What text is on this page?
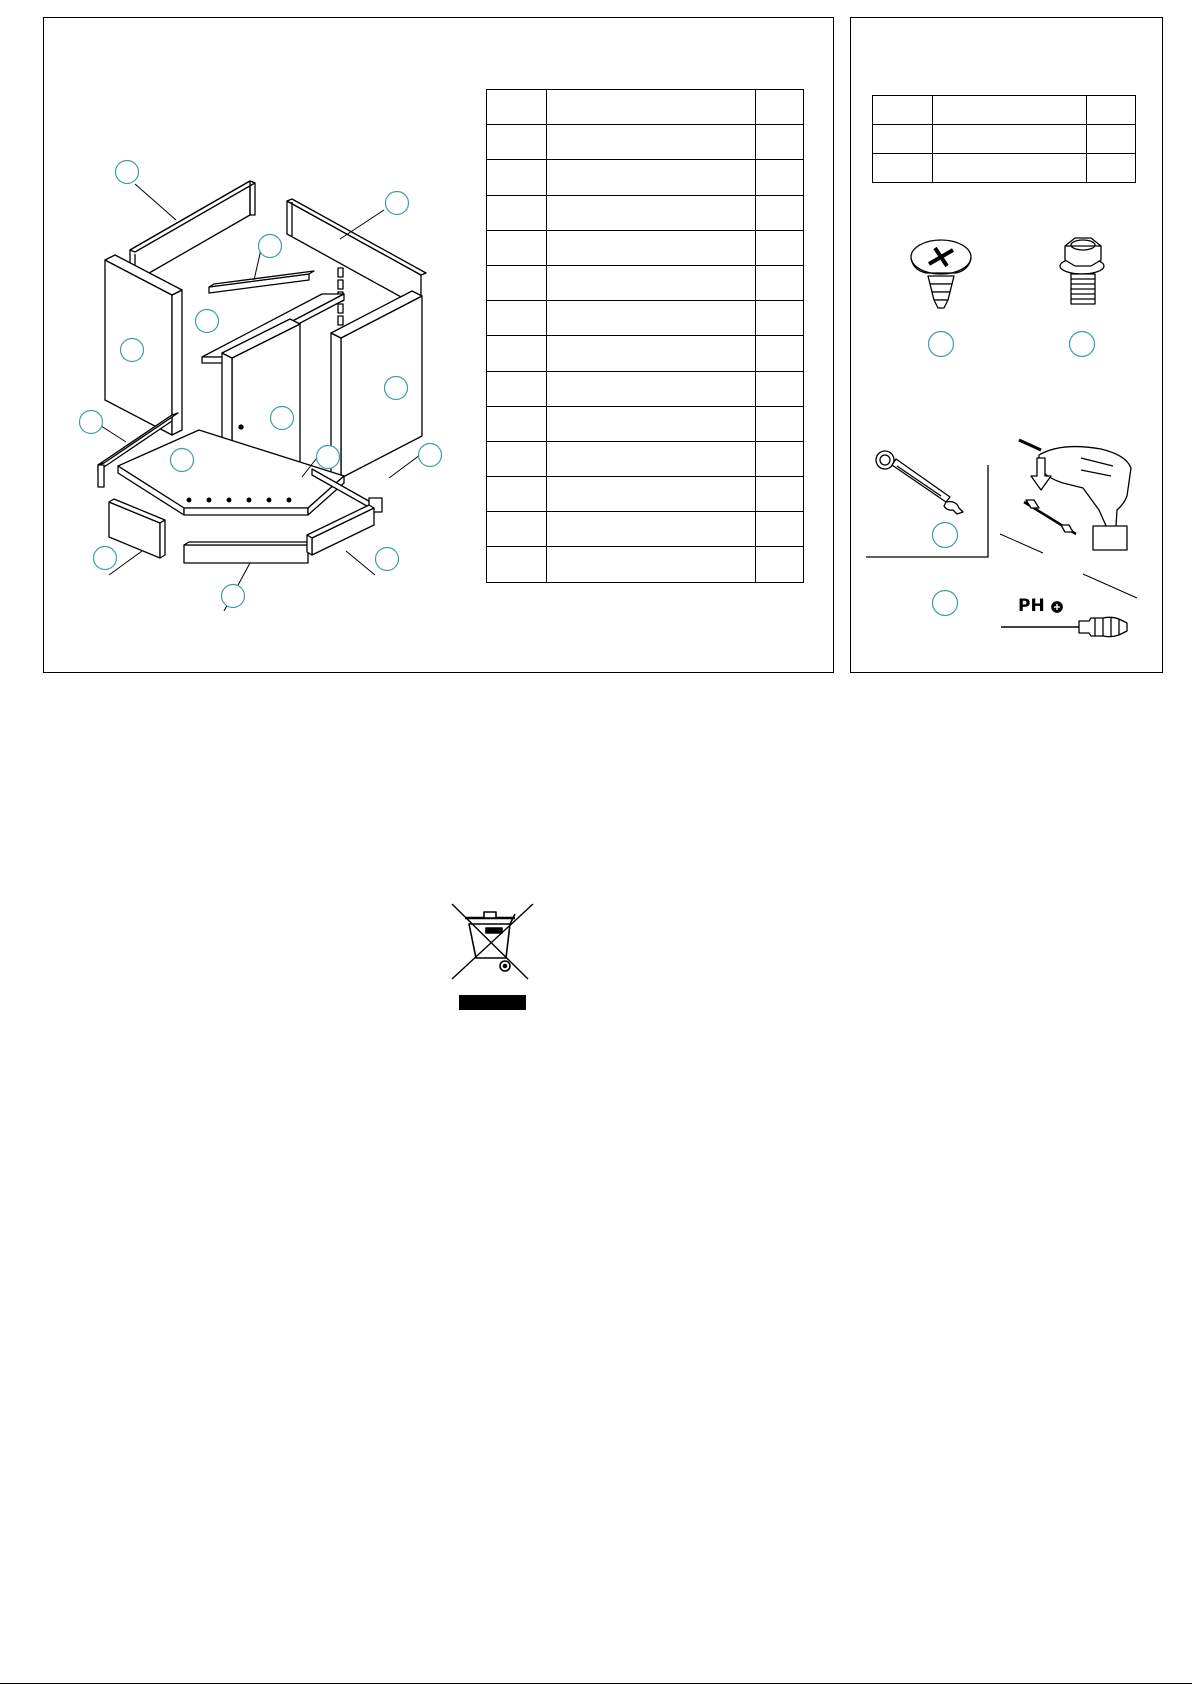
PH
